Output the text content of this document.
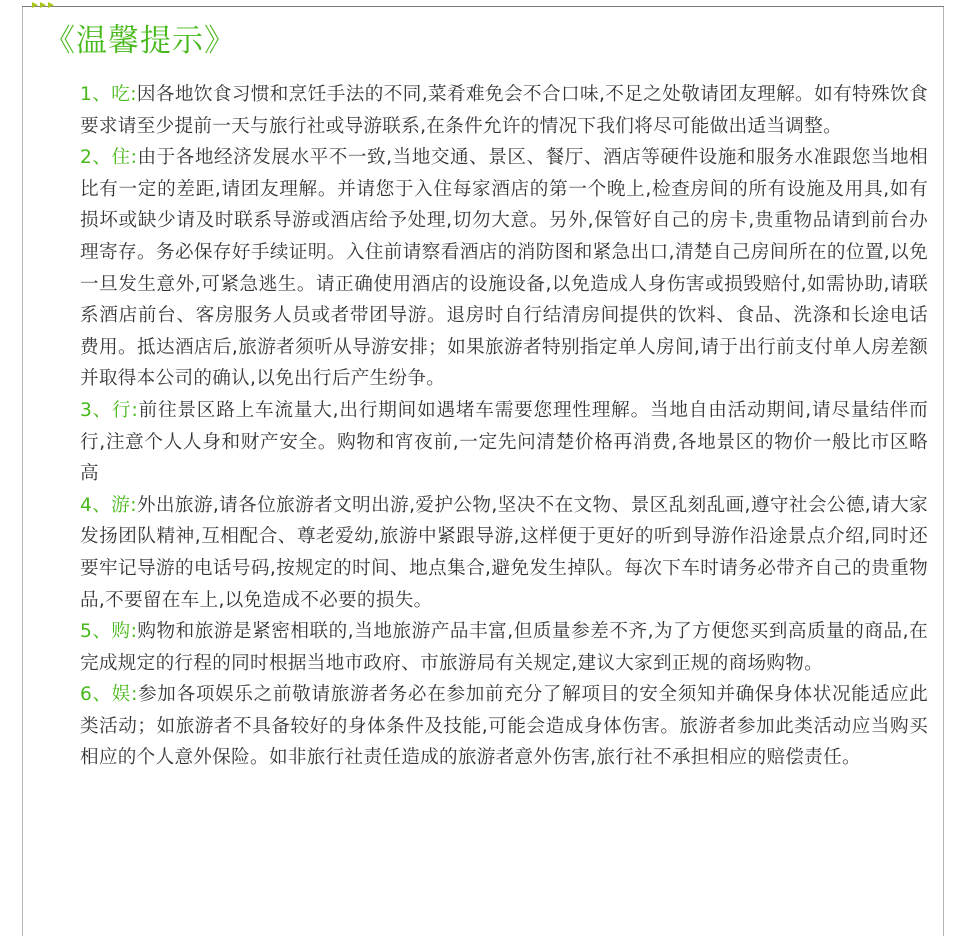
《温馨提示》

1、吃:因各地饮食习惯和烹饪手法的不同,菜肴难免会不合口味,不足之处敬请团友理解。如有特殊饮食要求请至少提前一天与旅行社或导游联系,在条件允许的情况下我们将尽可能做出适当调整。

2、住:由于各地经济发展水平不一致,当地交通、景区、餐厅、酒店等硬件设施和服务水准跟您当地相比有一定的差距,请团友理解。并请您于入住每家酒店的第一个晚上,检查房间的所有设施及用具,如有损坏或缺少请及时联系导游或酒店给予处理,切勿大意。另外,保管好自己的房卡,贵重物品请到前台办理寄存。务必保存好手续证明。入住前请察看酒店的消防图和紧急出口,清楚自己房间所在的位置,以免一旦发生意外,可紧急逃生。请正确使用酒店的设施设备,以免造成人身伤害或损毁赔付,如需协助,请联系酒店前台、客房服务人员或者带团导游。退房时自行结清房间提供的饮料、食品、洗涤和长途电话费用。抵达酒店后,旅游者须听从导游安排；如果旅游者特别指定单人房间,请于出行前支付单人房差额并取得本公司的确认,以免出行后产生纷争。

3、行:前往景区路上车流量大,出行期间如遇堵车需要您理性理解。当地自由活动期间,请尽量结伴而行,注意个人人身和财产安全。购物和宵夜前,一定先问清楚价格再消费,各地景区的物价一般比市区略高

4、游:外出旅游,请各位旅游者文明出游,爱护公物,坚决不在文物、景区乱刻乱画,遵守社会公德,请大家发扬团队精神,互相配合、尊老爱幼,旅游中紧跟导游,这样便于更好的听到导游作沿途景点介绍,同时还要牢记导游的电话号码,按规定的时间、地点集合,避免发生掉队。每次下车时请务必带齐自己的贵重物品,不要留在车上,以免造成不必要的损失。

5、购:购物和旅游是紧密相联的,当地旅游产品丰富,但质量参差不齐,为了方便您买到高质量的商品,在完成规定的行程的同时根据当地市政府、市旅游局有关规定,建议大家到正规的商场购物。

6、娱:参加各项娱乐之前敬请旅游者务必在参加前充分了解项目的安全须知并确保身体状况能适应此类活动；如旅游者不具备较好的身体条件及技能,可能会造成身体伤害。旅游者参加此类活动应当购买相应的个人意外保险。如非旅行社责任造成的旅游者意外伤害,旅行社不承担相应的赔偿责任。
